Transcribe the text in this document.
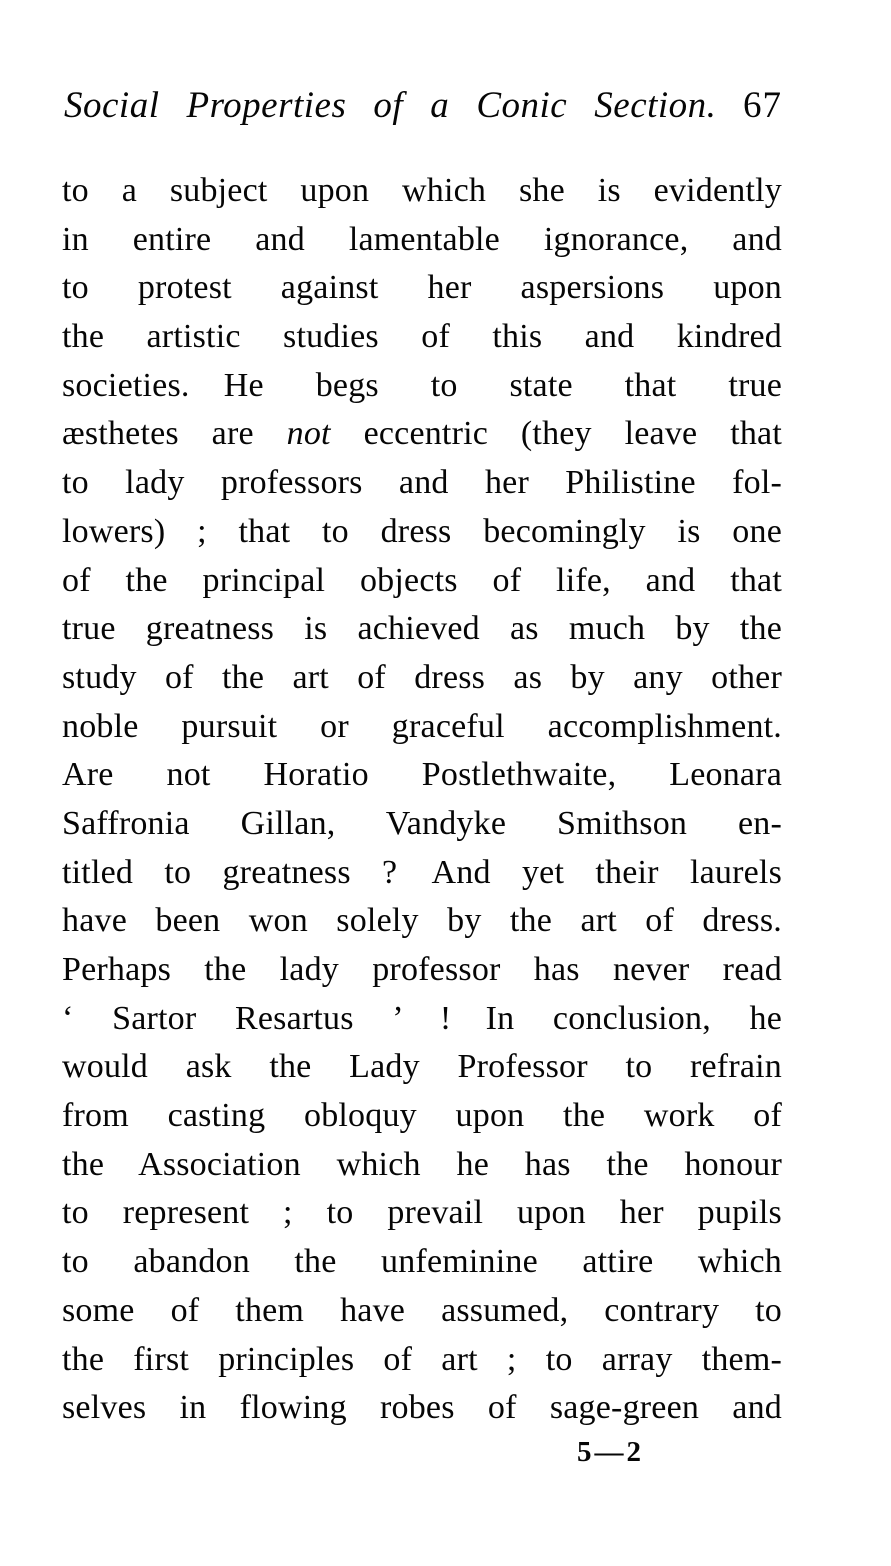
Social Properties of a Conic Section. 67
to a subject upon which she is evidently
in entire and lamentable ignorance, and
to protest against her aspersions upon
the artistic studies of this and kindred
societies. He begs to state that true
æsthetes are not eccentric (they leave that
to lady professors and her Philistine fol-
lowers) ; that to dress becomingly is one
of the principal objects of life, and that
true greatness is achieved as much by the
study of the art of dress as by any other
noble pursuit or graceful accomplishment.
Are not Horatio Postlethwaite, Leonara
Saffronia Gillan, Vandyke Smithson en-
titled to greatness ? And yet their laurels
have been won solely by the art of dress.
Perhaps the lady professor has never read
‘ Sartor Resartus ’ ! In conclusion, he
would ask the Lady Professor to refrain
from casting obloquy upon the work of
the Association which he has the honour
to represent ; to prevail upon her pupils
to abandon the unfeminine attire which
some of them have assumed, contrary to
the first principles of art ; to array them-
selves in flowing robes of sage-green and
5—2
